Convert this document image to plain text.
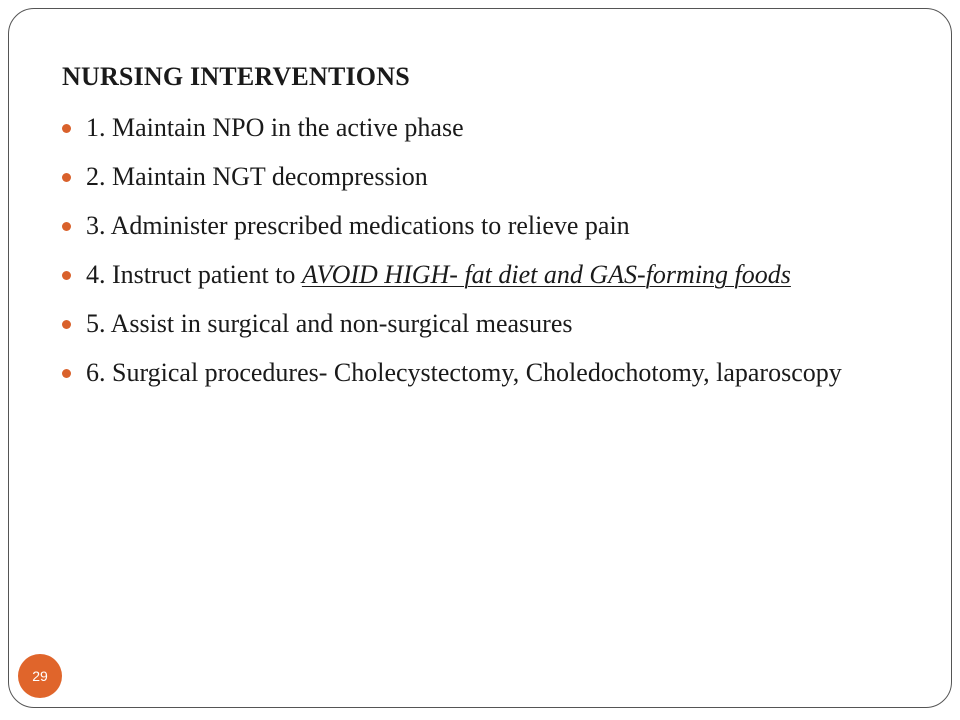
NURSING INTERVENTIONS
1. Maintain NPO in the active phase
2. Maintain NGT decompression
3. Administer prescribed medications to relieve pain
4. Instruct patient to AVOID HIGH- fat diet and GAS-forming foods
5. Assist in surgical and non-surgical measures
6. Surgical procedures- Cholecystectomy, Choledochotomy, laparoscopy
29
